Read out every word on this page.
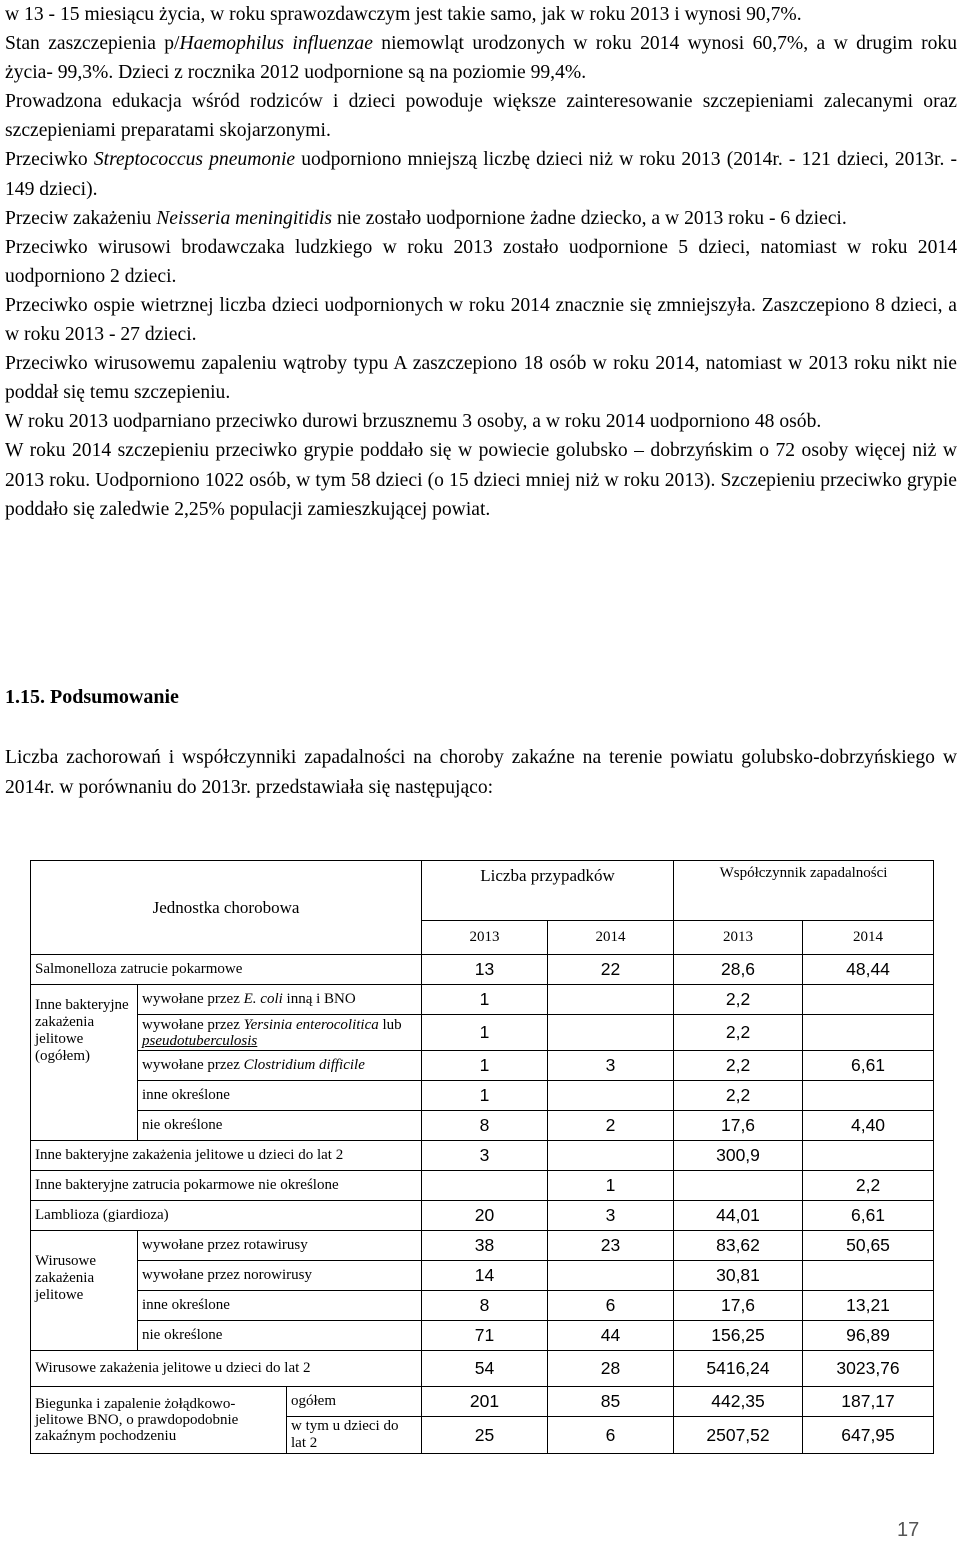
w 13 - 15 miesiącu życia, w roku sprawozdawczym jest takie samo, jak w roku 2013 i wynosi 90,7%.

Stan zaszczepienia p/Haemophilus influenzae niemowląt urodzonych w roku 2014 wynosi 60,7%, a w drugim roku życia- 99,3%. Dzieci z rocznika 2012 uodpornione są na poziomie 99,4%.

Prowadzona edukacja wśród rodziców i dzieci powoduje większe zainteresowanie szczepieniami zalecanymi oraz szczepieniami preparatami skojarzonymi.

Przeciwko Streptococcus pneumonie uodporniono mniejszą liczbę dzieci niż w roku 2013 (2014r. - 121 dzieci, 2013r. - 149 dzieci).

Przeciw zakażeniu Neisseria meningitidis nie zostało uodpornione żadne dziecko, a w 2013 roku - 6 dzieci.

Przeciwko wirusowi brodawczaka ludzkiego w roku 2013 zostało uodpornione 5 dzieci, natomiast w roku 2014 uodporniono 2 dzieci.

Przeciwko ospie wietrznej liczba dzieci uodpornionych w roku 2014 znacznie się zmniejszyła. Zaszczepiono 8 dzieci, a w roku 2013 - 27 dzieci.

Przeciwko wirusowemu zapaleniu wątroby typu A zaszczepiono 18 osób w roku 2014, natomiast w 2013 roku nikt nie poddał się temu szczepieniu.

W roku 2013 uodparniano przeciwko durowi brzusznemu 3 osoby, a w roku 2014 uodporniono 48 osób.

W roku 2014 szczepieniu przeciwko grypie poddało się w powiecie golubsko – dobrzyńskim o 72 osoby więcej niż w 2013 roku. Uodporniono 1022 osób, w tym 58 dzieci (o 15 dzieci mniej niż w roku 2013). Szczepieniu przeciwko grypie poddało się zaledwie 2,25% populacji zamieszkującej powiat.

1.15. Podsumowanie

Liczba zachorowań i współczynniki zapadalności na choroby zakaźne na terenie powiatu golubsko-dobrzyńskiego w 2014r. w porównaniu do 2013r. przedstawiała się następująco:

Jednostka chorobowa			Liczba przypadków		Współczynnik zapadalności	
			2013	2014	2013	2014
Salmonelloza zatrucie pokarmowe			13	22	28,6	48,44
Inne bakteryjne zakażenia jelitowe (ogółem)	wywołane przez E. coli inną i BNO		1		2,2	
	wywołane przez Yersinia enterocolitica lub
pseudotuberculosis		1		2,2	
	wywołane przez Clostridium difficile		1	3	2,2	6,61
	inne określone		1		2,2	
	nie określone		8	2	17,6	4,40
Inne bakteryjne zakażenia jelitowe u dzieci do lat 2			3		300,9	
Inne bakteryjne zatrucia pokarmowe nie określone				1		2,2
Lamblioza (giardioza)			20	3	44,01	6,61
Wirusowe zakażenia jelitowe	wywołane przez rotawirusy		38	23	83,62	50,65
	wywołane przez norowirusy		14		30,81	
	inne określone		8	6	17,6	13,21
	nie określone		71	44	156,25	96,89
Wirusowe zakażenia jelitowe u dzieci do lat 2			54	28	5416,24	3023,76
Biegunka i zapalenie żołądkowo-jelitowe BNO, o prawdopodobnie zakaźnym pochodzeniu		ogółem	201	85	442,35	187,17
		w tym u dzieci do lat 2	25	6	2507,52	647,95
17
